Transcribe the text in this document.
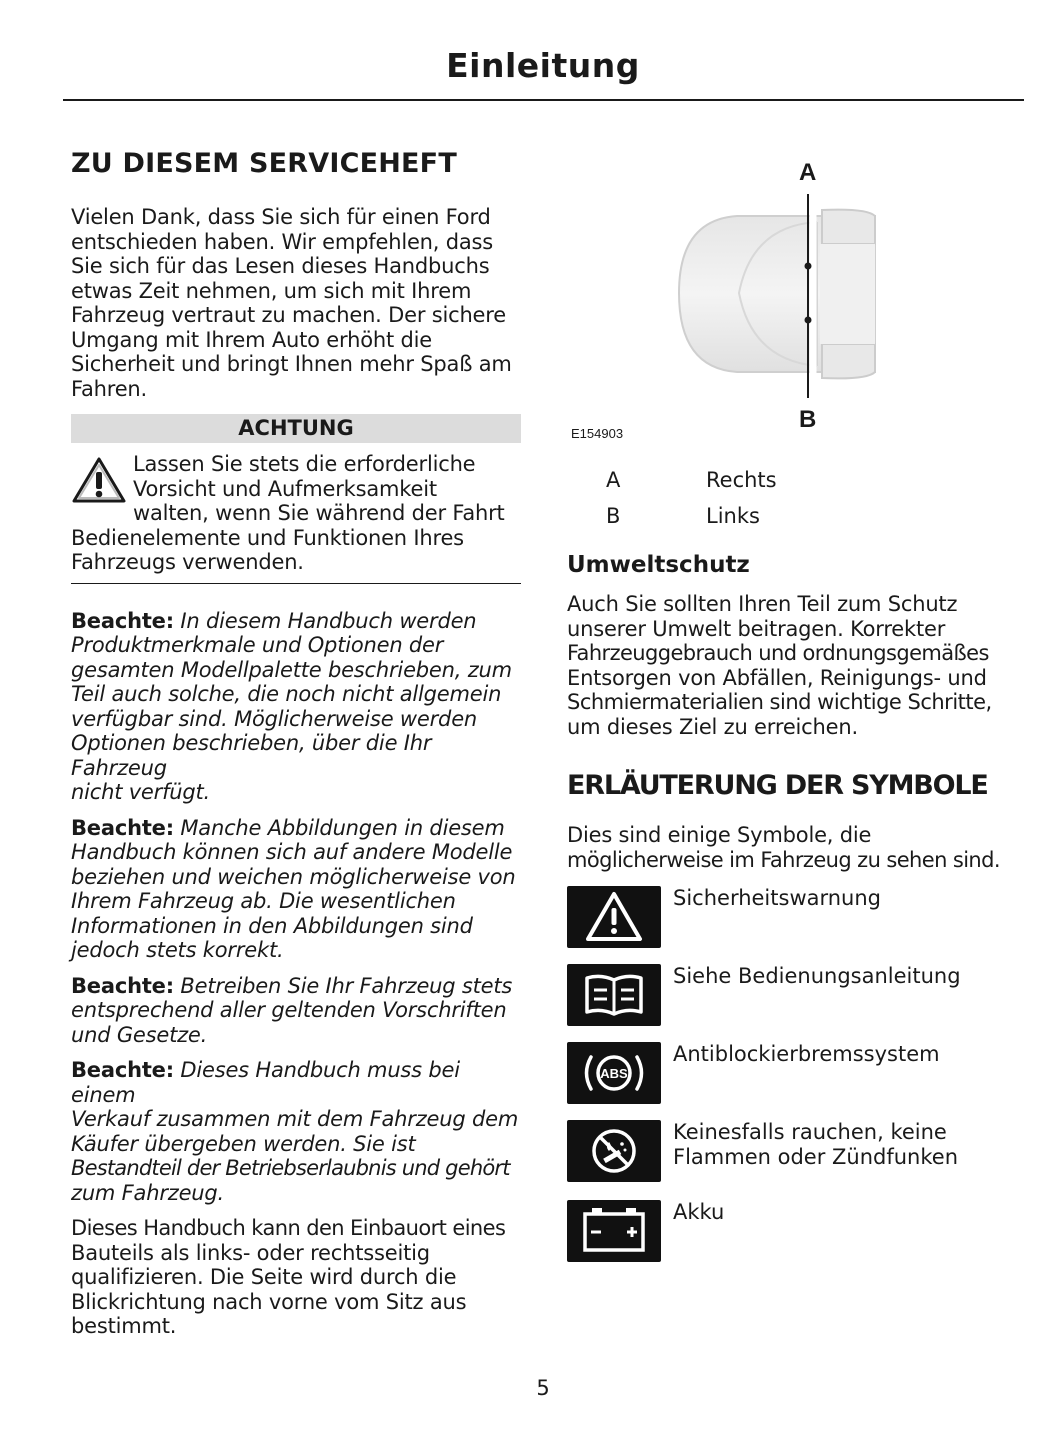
Einleitung
ZU DIESEM SERVICEHEFT

Vielen Dank, dass Sie sich für einen Ford
entschieden haben. Wir empfehlen, dass
Sie sich für das Lesen dieses Handbuchs
etwas Zeit nehmen, um sich mit Ihrem
Fahrzeug vertraut zu machen. Der sichere
Umgang mit Ihrem Auto erhöht die
Sicherheit und bringt Ihnen mehr Spaß am
Fahren.

ACHTUNG
Lassen Sie stets die erforderliche
Vorsicht und Aufmerksamkeit
walten, wenn Sie während der Fahrt
Bedienelemente und Funktionen Ihres
Fahrzeugs verwenden.

Beachte: In diesem Handbuch werden
Produktmerkmale und Optionen der
gesamten Modellpalette beschrieben, zum
Teil auch solche, die noch nicht allgemein
verfügbar sind. Möglicherweise werden
Optionen beschrieben, über die Ihr Fahrzeug
nicht verfügt.

Beachte: Manche Abbildungen in diesem
Handbuch können sich auf andere Modelle
beziehen und weichen möglicherweise von
Ihrem Fahrzeug ab. Die wesentlichen
Informationen in den Abbildungen sind
jedoch stets korrekt.

Beachte: Betreiben Sie Ihr Fahrzeug stets
entsprechend aller geltenden Vorschriften
und Gesetze.

Beachte: Dieses Handbuch muss bei einem
Verkauf zusammen mit dem Fahrzeug dem
Käufer übergeben werden. Sie ist
Bestandteil der Betriebserlaubnis und gehört
zum Fahrzeug.

Dieses Handbuch kann den Einbauort eines
Bauteils als links- oder rechtsseitig
qualifizieren. Die Seite wird durch die
Blickrichtung nach vorne vom Sitz aus
bestimmt.

A
B
E154903
A	Rechts
B	Links
Umweltschutz

Auch Sie sollten Ihren Teil zum Schutz
unserer Umwelt beitragen. Korrekter
Fahrzeuggebrauch und ordnungsgemäßes
Entsorgen von Abfällen, Reinigungs- und
Schmiermaterialien sind wichtige Schritte,
um dieses Ziel zu erreichen.

ERLÄUTERUNG DER SYMBOLE

Dies sind einige Symbole, die
möglicherweise im Fahrzeug zu sehen sind.

Sicherheitswarnung
Siehe Bedienungsanleitung
ABS
Antiblockierbremssystem
Keinesfalls rauchen, keine
Flammen oder Zündfunken
Akku
5
